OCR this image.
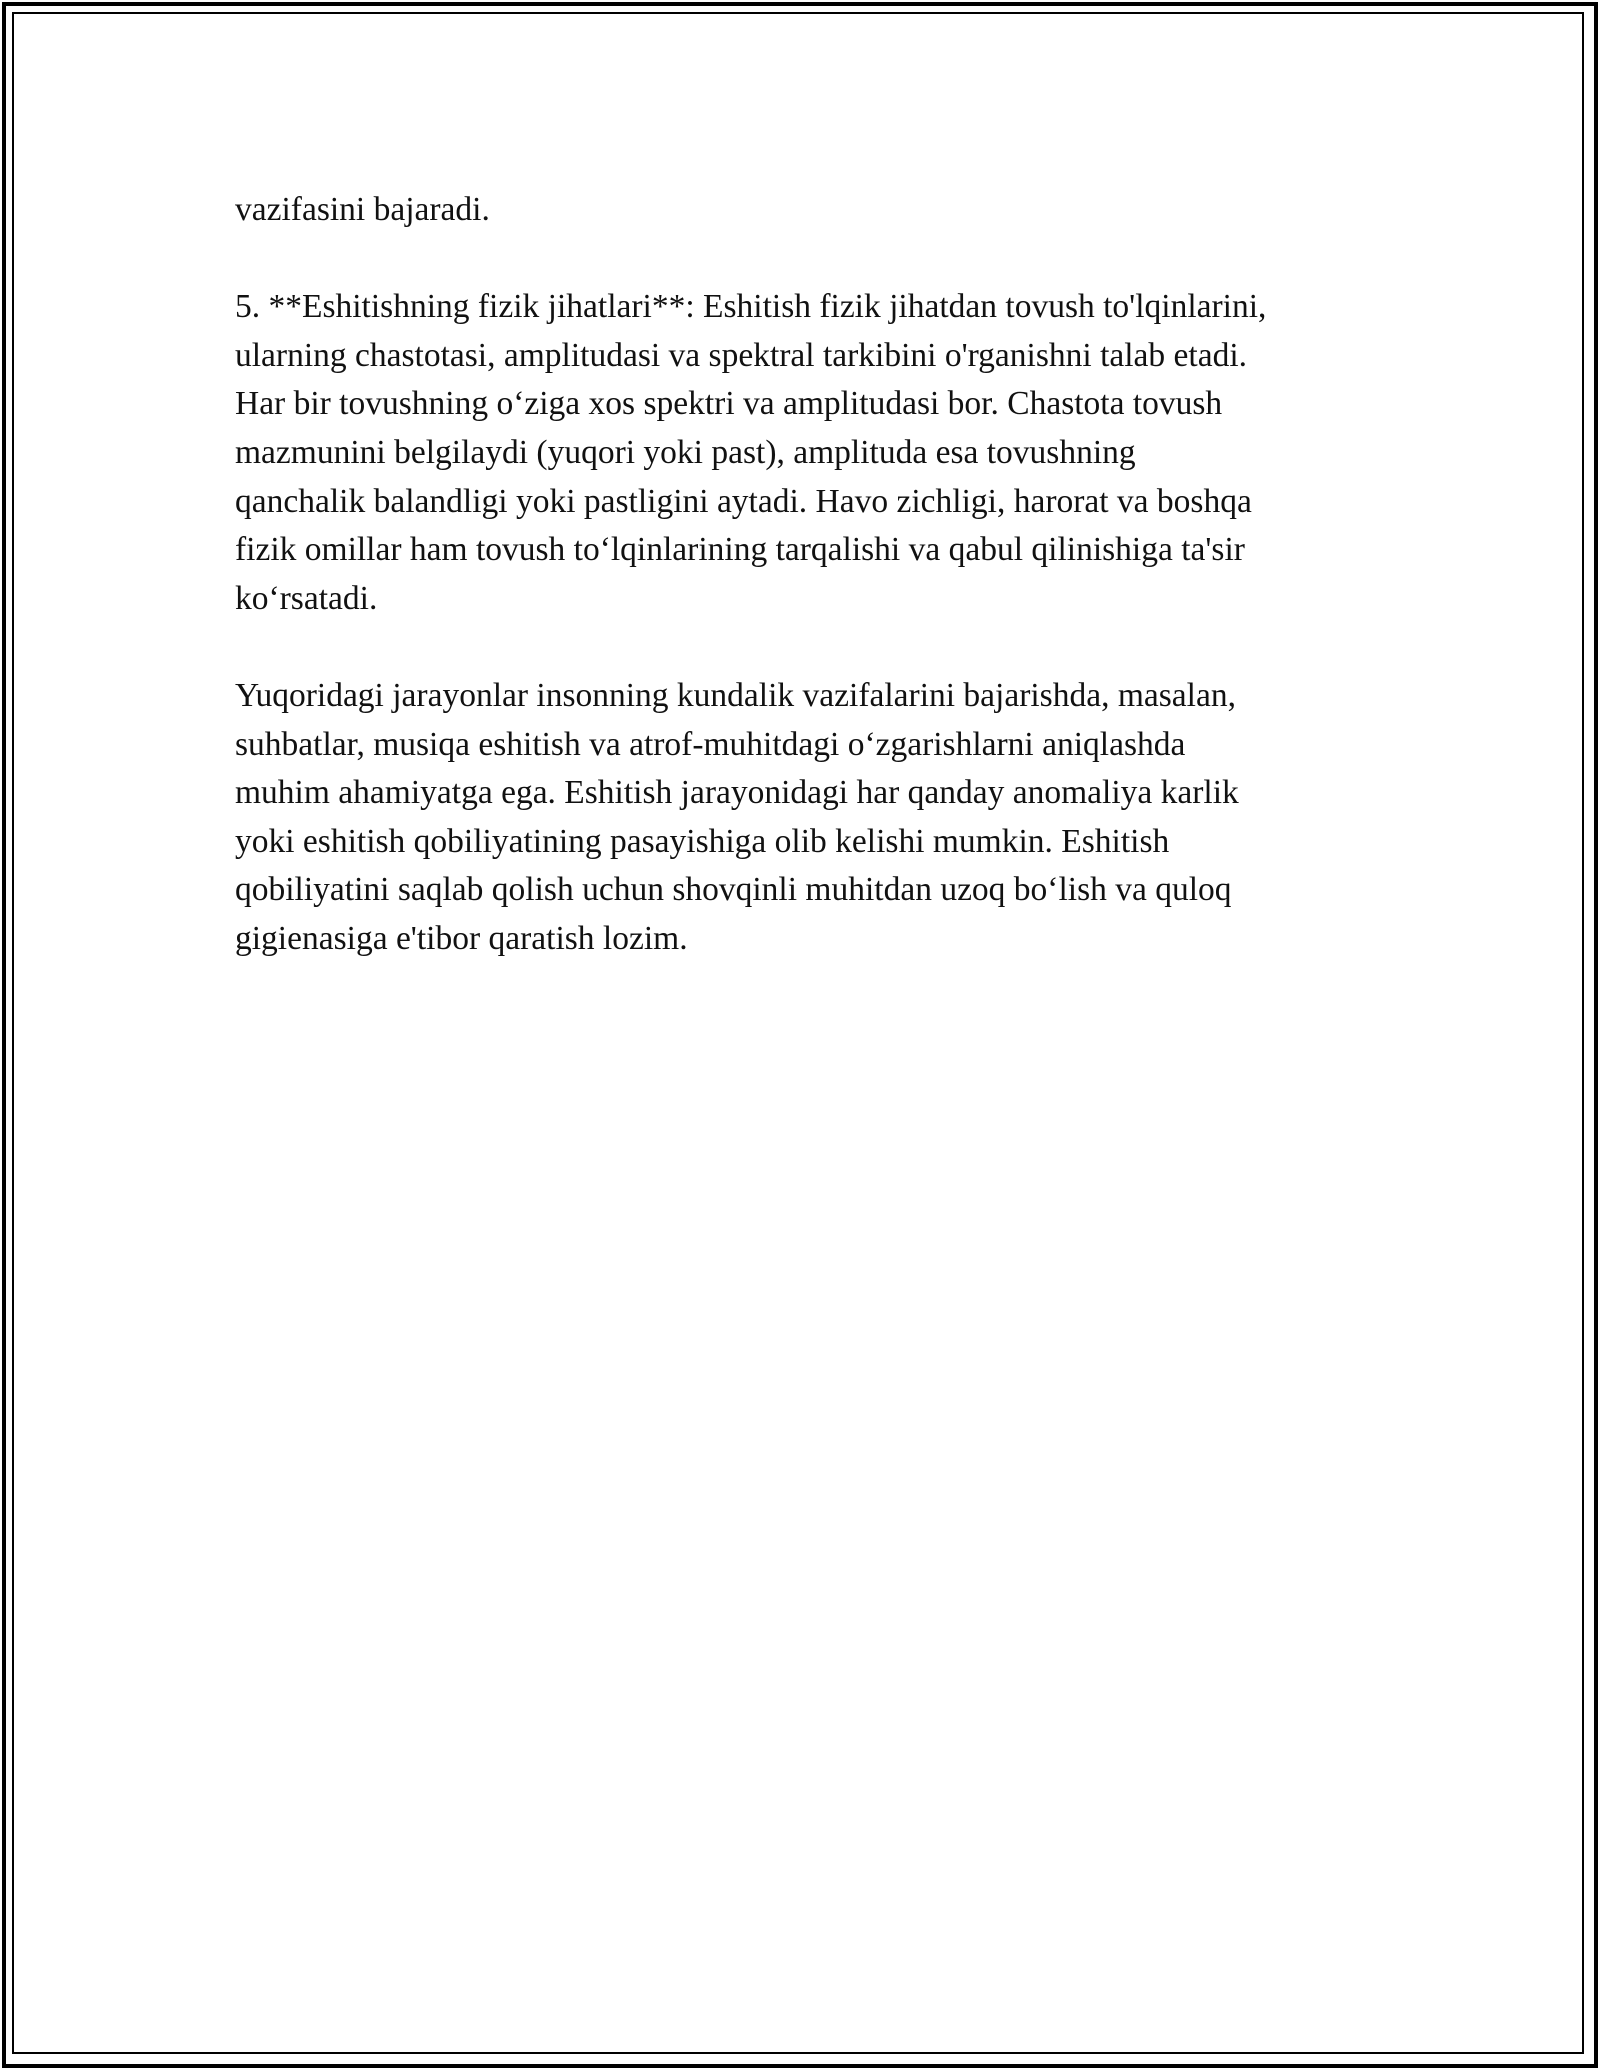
vazifasini bajaradi.

5. **Eshitishning fizik jihatlari**: Eshitish fizik jihatdan tovush to'lqinlarini,
ularning chastotasi, amplitudasi va spektral tarkibini o'rganishni talab etadi.
Har bir tovushning o‘ziga xos spektri va amplitudasi bor. Chastota tovush
mazmunini belgilaydi (yuqori yoki past), amplituda esa tovushning
qanchalik balandligi yoki pastligini aytadi. Havo zichligi, harorat va boshqa
fizik omillar ham tovush to‘lqinlarining tarqalishi va qabul qilinishiga ta'sir
ko‘rsatadi.

Yuqoridagi jarayonlar insonning kundalik vazifalarini bajarishda, masalan,
suhbatlar, musiqa eshitish va atrof-muhitdagi o‘zgarishlarni aniqlashda
muhim ahamiyatga ega. Eshitish jarayonidagi har qanday anomaliya karlik
yoki eshitish qobiliyatining pasayishiga olib kelishi mumkin. Eshitish
qobiliyatini saqlab qolish uchun shovqinli muhitdan uzoq bo‘lish va quloq
gigienasiga e'tibor qaratish lozim.
